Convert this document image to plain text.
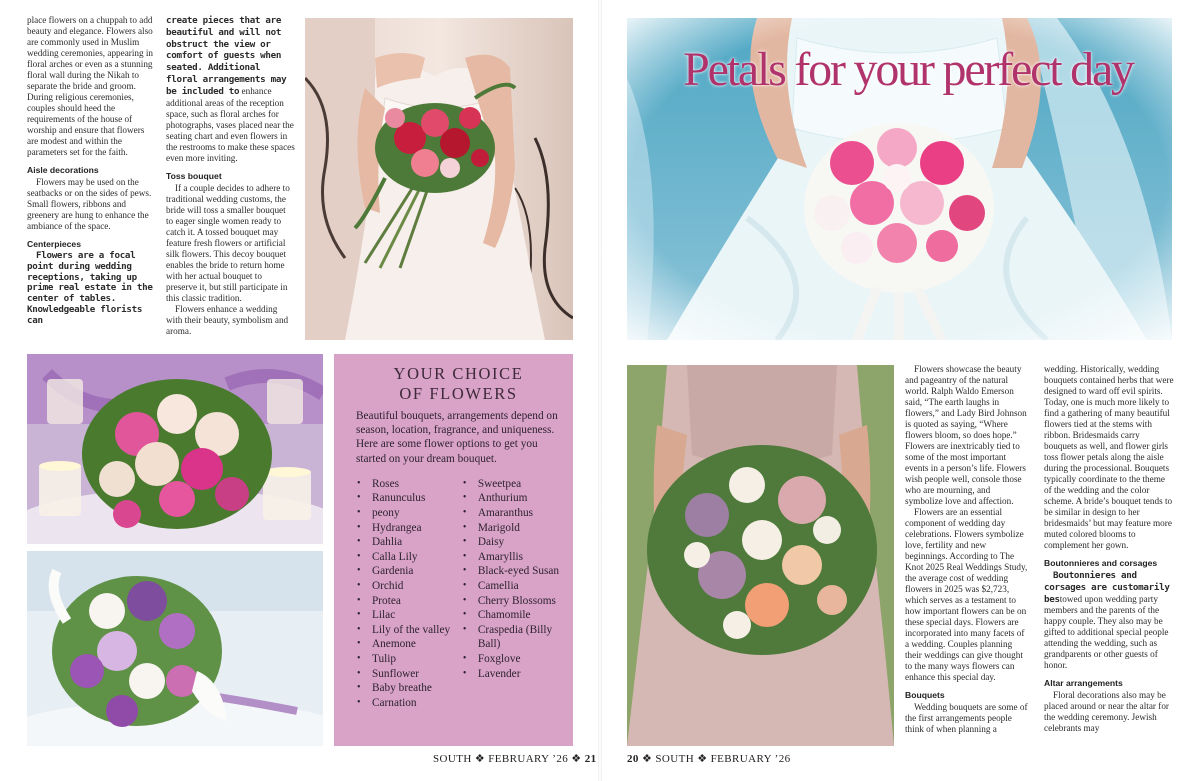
place flowers on a chuppah to add beauty and elegance. Flowers also are commonly used in Muslim wedding ceremonies, appearing in floral arches or even as a stunning floral wall during the Nikah to separate the bride and groom. During religious ceremonies, couples should heed the requirements of the house of worship and ensure that flowers are modest and within the parameters set for the faith.

Aisle decorations

Flowers may be used on the seatbacks or on the sides of pews. Small flowers, ribbons and greenery are hung to enhance the ambiance of the space.

Centerpieces

Flowers are a focal point during wedding receptions, taking up prime real estate in the center of tables. Knowledgeable florists can

create pieces that are beautiful and will not obstruct the view or comfort of guests when seated. Additional floral arrangements may be included to enhance additional areas of the reception space, such as floral arches for photographs, vases placed near the seating chart and even flowers in the restrooms to make these spaces even more inviting.

Toss bouquet

If a couple decides to adhere to traditional wedding customs, the bride will toss a smaller bouquet to eager single women ready to catch it. A tossed bouquet may feature fresh flowers or artificial silk flowers. This decoy bouquet enables the bride to return home with her actual bouquet to preserve it, but still participate in this classic tradition.

Flowers enhance a wedding with their beauty, symbolism and aroma.

YOUR CHOICE
OF FLOWERS
Beautiful bouquets, arrangements depend on season, location, fragrance, and uniqueness. Here are some flower options to get you started on your dream bouquet.
• Roses
• Ranunculus
• peony
• Hydrangea
• Dahlia
• Calla Lily
• Gardenia
• Orchid
• Protea
• Lilac
• Lily of the valley
• Anemone
• Tulip
• Sunflower
• Baby breathe
• Carnation
• Sweetpea
• Anthurium
• Amaranthus
• Marigold
• Daisy
• Amaryllis
• Black-eyed Susan
• Camellia
• Cherry Blossoms
• Chamomile
• Craspedia (Billy Ball)
• Foxglove
• Lavender
SOUTH ❖ FEBRUARY ’26 ❖ 21
Petals for your perfect day

Flowers showcase the beauty and pageantry of the natural world. Ralph Waldo Emerson said, “The earth laughs in flowers,” and Lady Bird Johnson is quoted as saying, “Where flowers bloom, so does hope.” Flowers are inextricably tied to some of the most important events in a person’s life. Flowers wish people well, console those who are mourning, and symbolize love and affection.

Flowers are an essential component of wedding day celebrations. Flowers symbolize love, fertility and new beginnings. According to The Knot 2025 Real Weddings Study, the average cost of wedding flowers in 2025 was $2,723, which serves as a testament to how important flowers can be on these special days. Flowers are incorporated into many facets of a wedding. Couples planning their weddings can give thought to the many ways flowers can enhance this special day.

Bouquets

Wedding bouquets are some of the first arrangements people think of when planning a

wedding. Historically, wedding bouquets contained herbs that were designed to ward off evil spirits. Today, one is much more likely to find a gathering of many beautiful flowers tied at the stems with ribbon. Bridesmaids carry bouquets as well, and flower girls toss flower petals along the aisle during the processional. Bouquets typically coordinate to the theme of the wedding and the color scheme. A bride’s bouquet tends to be similar in design to her bridesmaids’ but may feature more muted colored blooms to complement her gown.

Boutonnieres and corsages

Boutonnieres and corsages are customarily bestowed upon wedding party members and the parents of the happy couple. They also may be gifted to additional special people attending the wedding, such as grandparents or other guests of honor.

Altar arrangements

Floral decorations also may be placed around or near the altar for the wedding ceremony. Jewish celebrants may

20 ❖ SOUTH ❖ FEBRUARY ’26
